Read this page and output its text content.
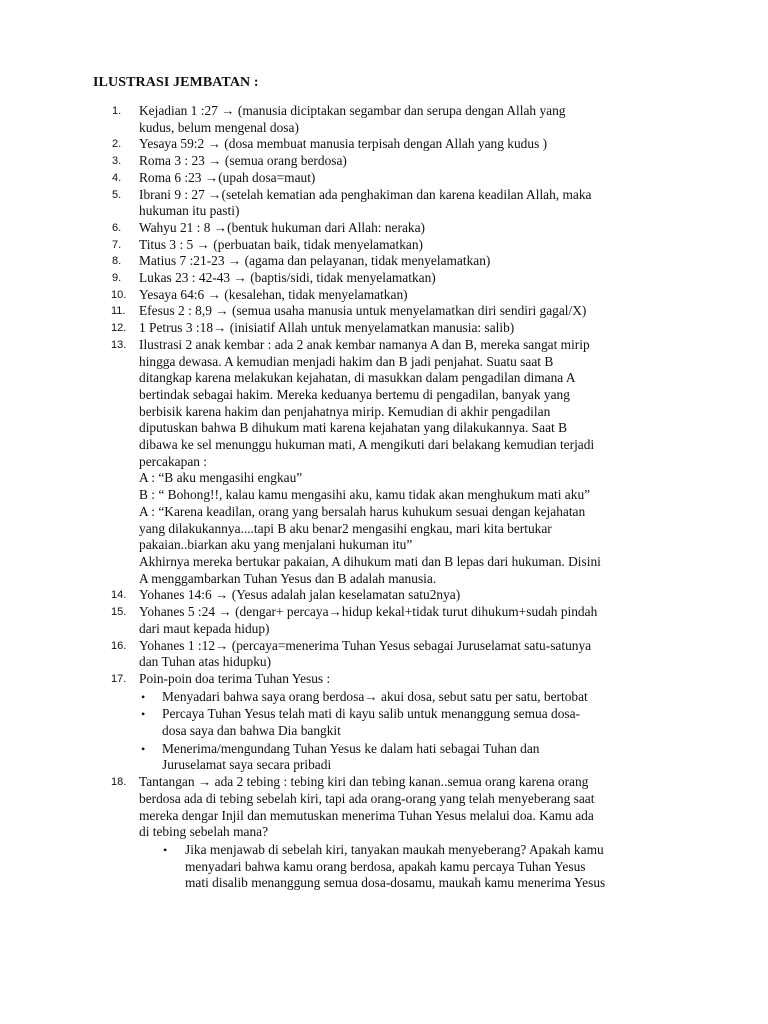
ILUSTRASI JEMBATAN :
1.	Kejadian 1 :27 → (manusia diciptakan segambar dan serupa dengan Allah yang
kudus, belum mengenal dosa)
2.	Yesaya 59:2 → (dosa membuat manusia terpisah dengan Allah yang kudus )
3.	Roma 3 : 23 → (semua orang berdosa)
4.	Roma 6 :23 →(upah dosa=maut)
5.	Ibrani 9 : 27 →(setelah kematian ada penghakiman dan karena keadilan Allah, maka
hukuman itu pasti)
6.	Wahyu 21 : 8 →(bentuk hukuman dari Allah: neraka)
7.	Titus 3 : 5 → (perbuatan baik, tidak menyelamatkan)
8.	Matius 7 :21-23 → (agama dan pelayanan, tidak menyelamatkan)
9.	Lukas 23 : 42-43 → (baptis/sidi, tidak menyelamatkan)
10. Yesaya 64:6 → (kesalehan, tidak menyelamatkan)
11.	Efesus 2 : 8,9 → (semua usaha manusia untuk menyelamatkan diri sendiri gagal/X)
12. 1 Petrus 3 :18→ (inisiatif Allah untuk menyelamatkan manusia: salib)
13. Ilustrasi 2 anak kembar : ada 2 anak kembar namanya A dan B, mereka sangat mirip
hingga dewasa. A kemudian menjadi hakim dan B jadi penjahat. Suatu saat B
ditangkap karena melakukan kejahatan, di masukkan dalam pengadilan dimana A
bertindak sebagai hakim. Mereka keduanya bertemu di pengadilan, banyak yang
berbisik karena hakim dan penjahatnya mirip. Kemudian di akhir pengadilan
diputuskan bahwa B dihukum mati karena kejahatan yang dilakukannya. Saat B
dibawa ke sel menunggu hukuman mati, A mengikuti dari belakang kemudian terjadi
percakapan :
A : “B aku mengasihi engkau”
B : “ Bohong!!, kalau kamu mengasihi aku, kamu tidak akan menghukum mati aku”
A : “Karena keadilan, orang yang bersalah harus kuhukum sesuai dengan kejahatan
yang dilakukannya....tapi B aku benar2 mengasihi engkau, mari kita bertukar
pakaian..biarkan aku yang menjalani hukuman itu”
Akhirnya mereka bertukar pakaian, A dihukum mati dan B lepas dari hukuman. Disini
A menggambarkan Tuhan Yesus dan B adalah manusia.
14. Yohanes 14:6 → (Yesus adalah jalan keselamatan satu2nya)
15. Yohanes 5 :24 → (dengar+ percaya→hidup kekal+tidak turut dihukum+sudah pindah
dari maut kepada hidup)
16. Yohanes 1 :12→ (percaya=menerima Tuhan Yesus sebagai Juruselamat satu-satunya
dan Tuhan atas hidupku)
17. Poin-poin doa terima Tuhan Yesus :
• Menyadari bahwa saya orang berdosa→ akui dosa, sebut satu per satu, bertobat
• Percaya Tuhan Yesus telah mati di kayu salib untuk menanggung semua dosa-
dosa saya dan bahwa Dia bangkit
• Menerima/mengundang Tuhan Yesus ke dalam hati sebagai Tuhan dan
Juruselamat saya secara pribadi
18. Tantangan → ada 2 tebing : tebing kiri dan tebing kanan..semua orang karena orang
berdosa ada di tebing sebelah kiri, tapi ada orang-orang yang telah menyeberang saat
mereka dengar Injil dan memutuskan menerima Tuhan Yesus melalui doa. Kamu ada
di tebing sebelah mana?
• Jika menjawab di sebelah kiri, tanyakan maukah menyeberang? Apakah kamu
menyadari bahwa kamu orang berdosa, apakah kamu percaya Tuhan Yesus
mati disalib menanggung semua dosa-dosamu, maukah kamu menerima Yesus
